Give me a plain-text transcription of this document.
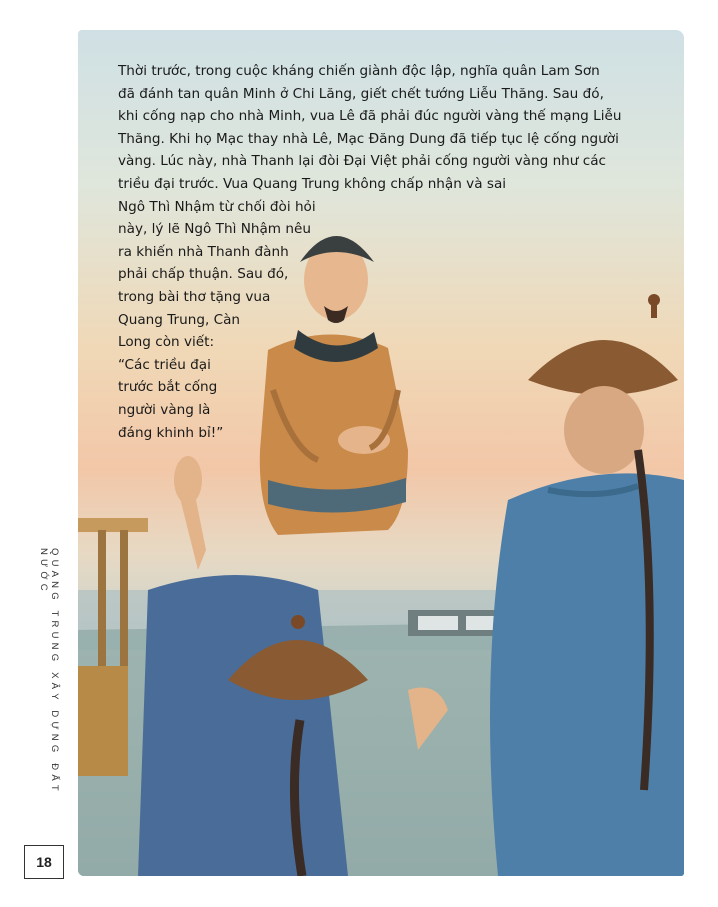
Thời trước, trong cuộc kháng chiến giành độc lập, nghĩa quân Lam Sơn
đã đánh tan quân Minh ở Chi Lăng, giết chết tướng Liễu Thăng. Sau đó,
khi cống nạp cho nhà Minh, vua Lê đã phải đúc người vàng thế mạng Liễu
Thăng. Khi họ Mạc thay nhà Lê, Mạc Đăng Dung đã tiếp tục lệ cống người
vàng. Lúc này, nhà Thanh lại đòi Đại Việt phải cống người vàng như các
triều đại trước. Vua Quang Trung không chấp nhận và sai
Ngô Thì Nhậm từ chối đòi hỏi
này, lý lẽ Ngô Thì Nhậm nêu
ra khiến nhà Thanh đành
phải chấp thuận. Sau đó,
trong bài thơ tặng vua
Quang Trung, Càn
Long còn viết:
“Các triều đại
trước bắt cống
người vàng là
đáng khinh bỉ!”
QUANG TRUNG XÂY DỰNG ĐẤT NƯỚC
18
